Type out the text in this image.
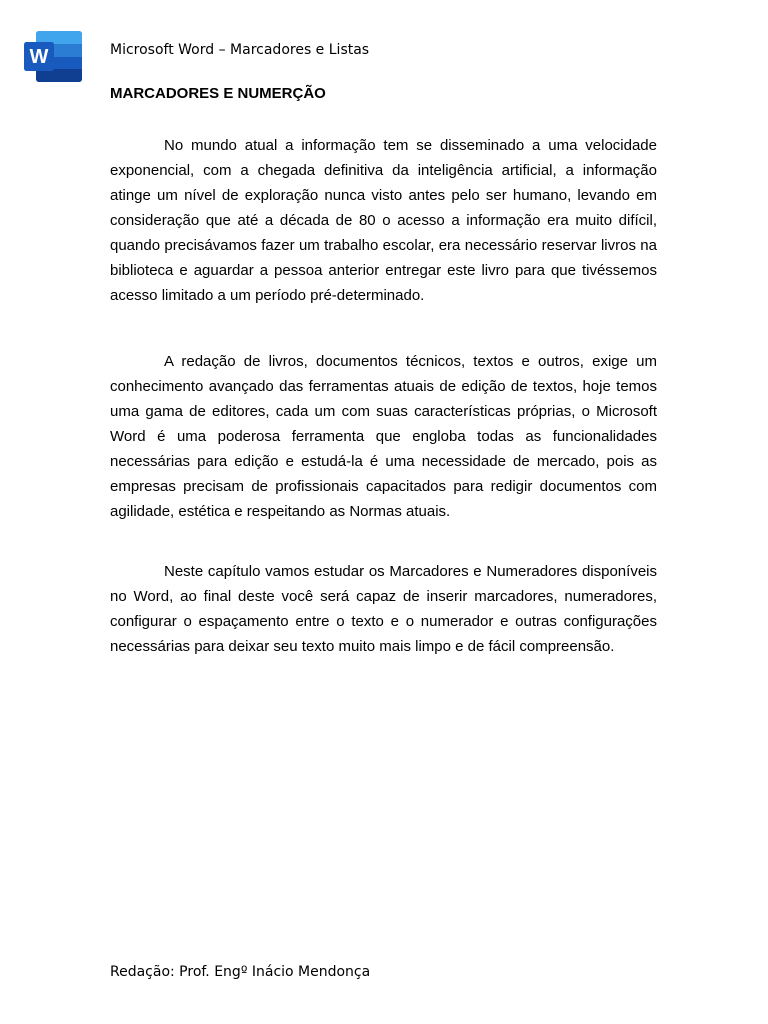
W	Microsoft Word – Marcadores e Listas
MARCADORES E NUMERÇÃO

No mundo atual a informação tem se disseminado a uma velocidade exponencial, com a chegada definitiva da inteligência artificial, a informação atinge um nível de exploração nunca visto antes pelo ser humano, levando em consideração que até a década de 80 o acesso a informação era muito difícil, quando precisávamos fazer um trabalho escolar, era necessário reservar livros na biblioteca e aguardar a pessoa anterior entregar este livro para que tivéssemos acesso limitado a um período pré-determinado.

A redação de livros, documentos técnicos, textos e outros, exige um conhecimento avançado das ferramentas atuais de edição de textos, hoje temos uma gama de editores, cada um com suas características próprias, o Microsoft Word é uma poderosa ferramenta que engloba todas as funcionalidades necessárias para edição e estudá-la é uma necessidade de mercado, pois as empresas precisam de profissionais capacitados para redigir documentos com agilidade, estética e respeitando as Normas atuais.

Neste capítulo vamos estudar os Marcadores e Numeradores disponíveis no Word, ao final deste você será capaz de inserir marcadores, numeradores, configurar o espaçamento entre o texto e o numerador e outras configurações necessárias para deixar seu texto muito mais limpo e de fácil compreensão.

Redação: Prof. Engº Inácio Mendonça
